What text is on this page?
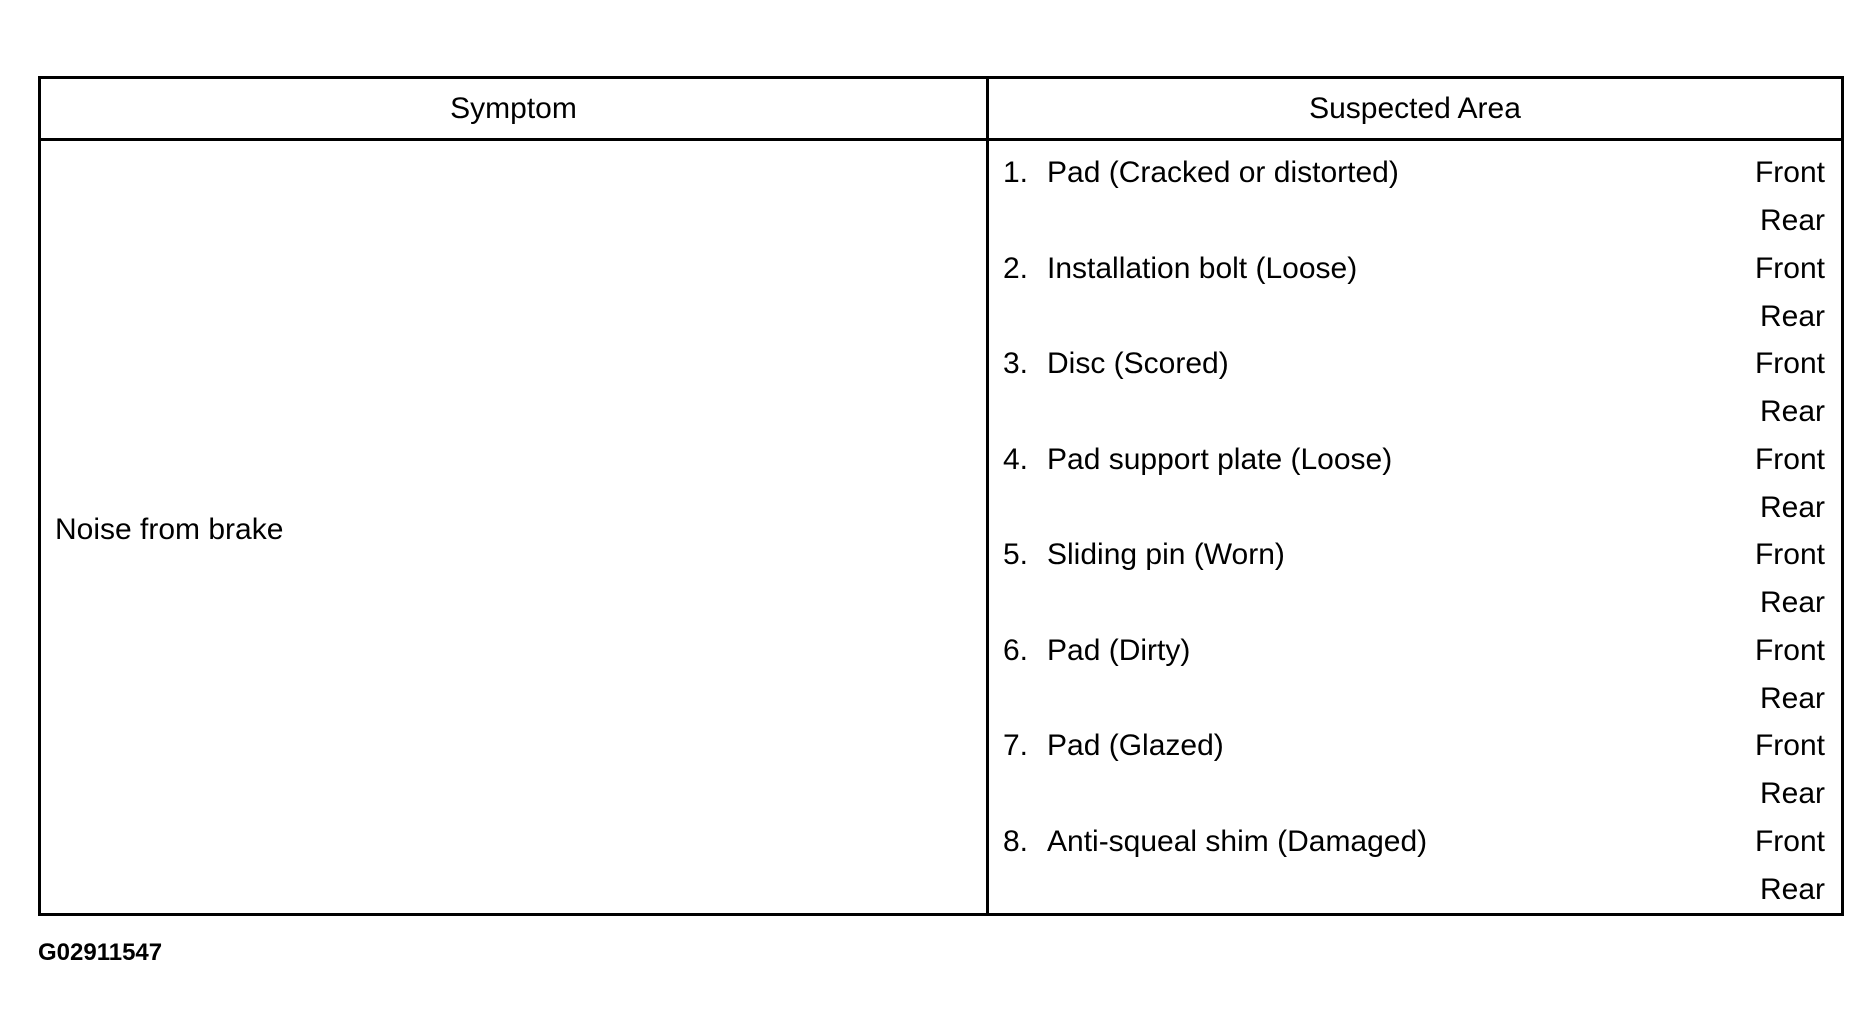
Symptom	Suspected Area
Noise from brake
1. Pad (Cracked or distorted)	Front
Rear
2. Installation bolt (Loose)	Front
Rear
3. Disc (Scored)	Front
Rear
4. Pad support plate (Loose)	Front
Rear
5. Sliding pin (Worn)	Front
Rear
6. Pad (Dirty)	Front
Rear
7. Pad (Glazed)	Front
Rear
8. Anti-squeal shim (Damaged)	Front
Rear
G02911547
